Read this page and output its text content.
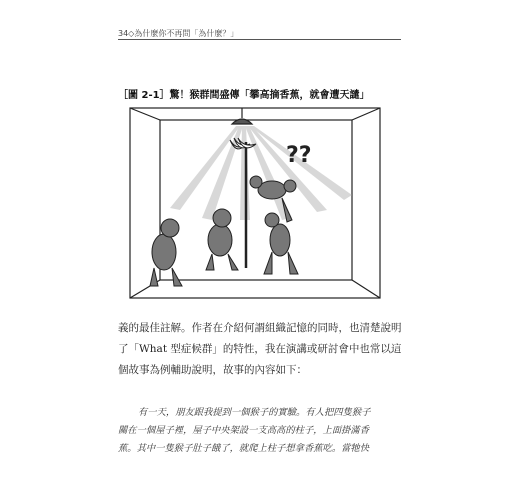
34◇為什麼你不再問「為什麼？」
［圖 2-1］驚！猴群間盛傳「攀高摘香蕉，就會遭天譴」
??

義的最佳註解。作者在介紹何謂組織記憶的同時，也清楚說明

了「What 型症候群」的特性，我在演講或研討會中也常以這

個故事為例輔助說明，故事的內容如下：

有一天，朋友跟我提到一個猴子的實驗。有人把四隻猴子

關在一個屋子裡，屋子中央架設一支高高的柱子，上面掛滿香

蕉。其中一隻猴子肚子餓了，就爬上柱子想拿香蕉吃。當牠快
